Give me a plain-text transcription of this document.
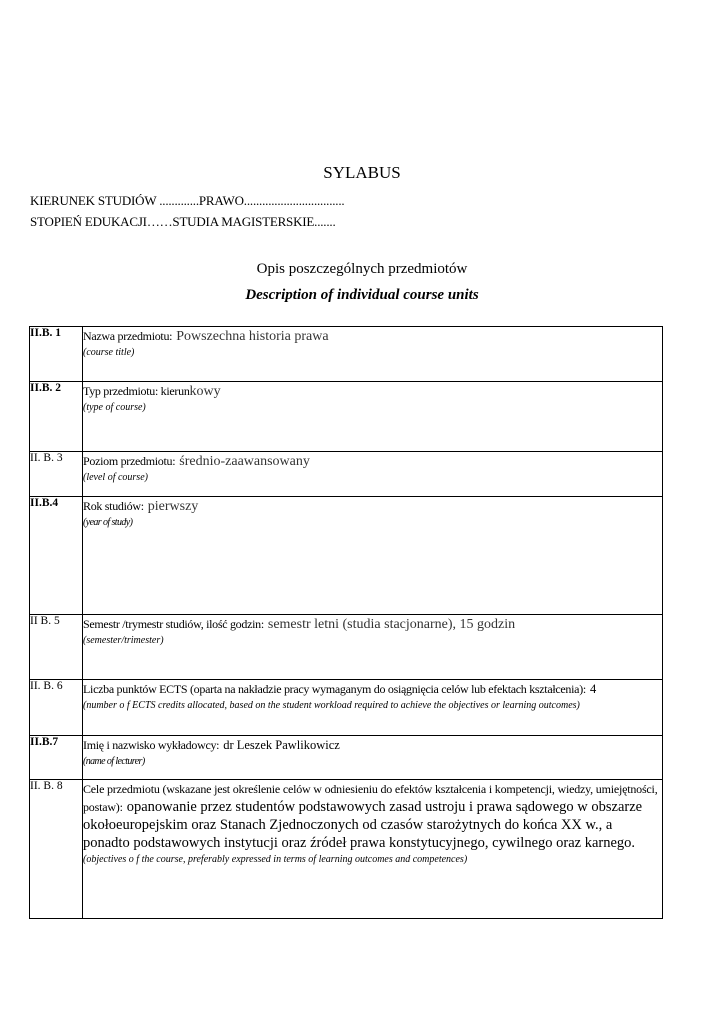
SYLABUS
KIERUNEK STUDIÓW .............PRAWO.................................
STOPIEŃ EDUKACJI……STUDIA MAGISTERSKIE.......
Opis poszczególnych przedmiotów
Description of individual course units
II.B. 1	Nazwa przedmiotu: Powszechna historia prawa
(course title)

II.B. 2	Typ przedmiotu: kierunkowy
(type of course)

II. B. 3	Poziom przedmiotu: średnio-zaawansowany
(level of course)

II.B.4	Rok studiów: pierwszy
(year of study)

II B. 5	Semestr /trymestr studiów, ilość godzin: semestr letni (studia stacjonarne), 15 godzin
(semester/trimester)

II. B. 6	Liczba punktów ECTS (oparta na nakładzie pracy wymaganym do osiągnięcia celów lub efektach kształcenia): 4
(number o f ECTS credits allocated, based on the student workload required to achieve the objectives or learning outcomes)

II.B.7	Imię i nazwisko wykładowcy: dr Leszek Pawlikowicz
(name of lecturer)

II. B. 8	Cele przedmiotu (wskazane jest określenie celów w odniesieniu do efektów kształcenia i kompetencji, wiedzy, umiejętności, postaw): opanowanie przez studentów podstawowych zasad ustroju i prawa sądowego w obszarze okołoeuropejskim oraz Stanach Zjednoczonych od czasów starożytnych do końca XX w., a ponadto podstawowych instytucji oraz źródeł prawa konstytucyjnego, cywilnego oraz karnego.
(objectives o f the course, preferably expressed in terms of learning outcomes and competences)
